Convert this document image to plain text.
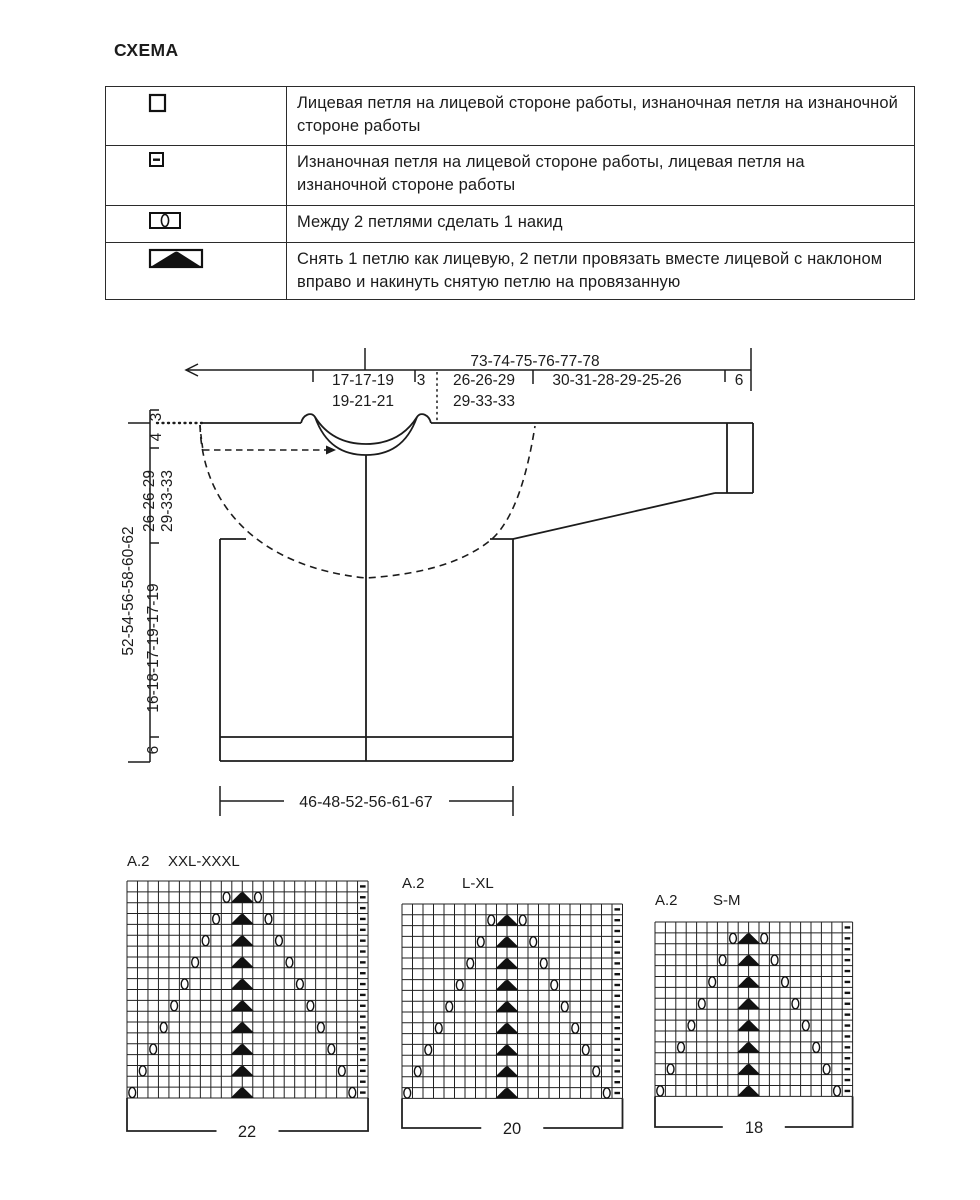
СХЕМА
	Лицевая петля на лицевой стороне работы, изнаночная петля на изнаночной стороне работы
	Изнаночная петля на лицевой стороне работы, лицевая петля на изнаночной стороне работы
	Между 2 петлями сделать 1 накид
	Снять 1 петлю как лицевую, 2 петли провязать вместе лицевой с наклоном вправо и накинуть снятую петлю на провязанную
73-74-75-76-77-78
17-17-19
19-21-21
3 26-26-29
29-33-33
30-31-28-29-25-26	6
3
4
26-26-29 29-33-33
52-54-56-58-60-62 16-18-17-19-17-19
6
46-48-52-56-61-67
A.2 XXL-XXXL
A.2 L-XL
A.2 S-M
22	20	18
